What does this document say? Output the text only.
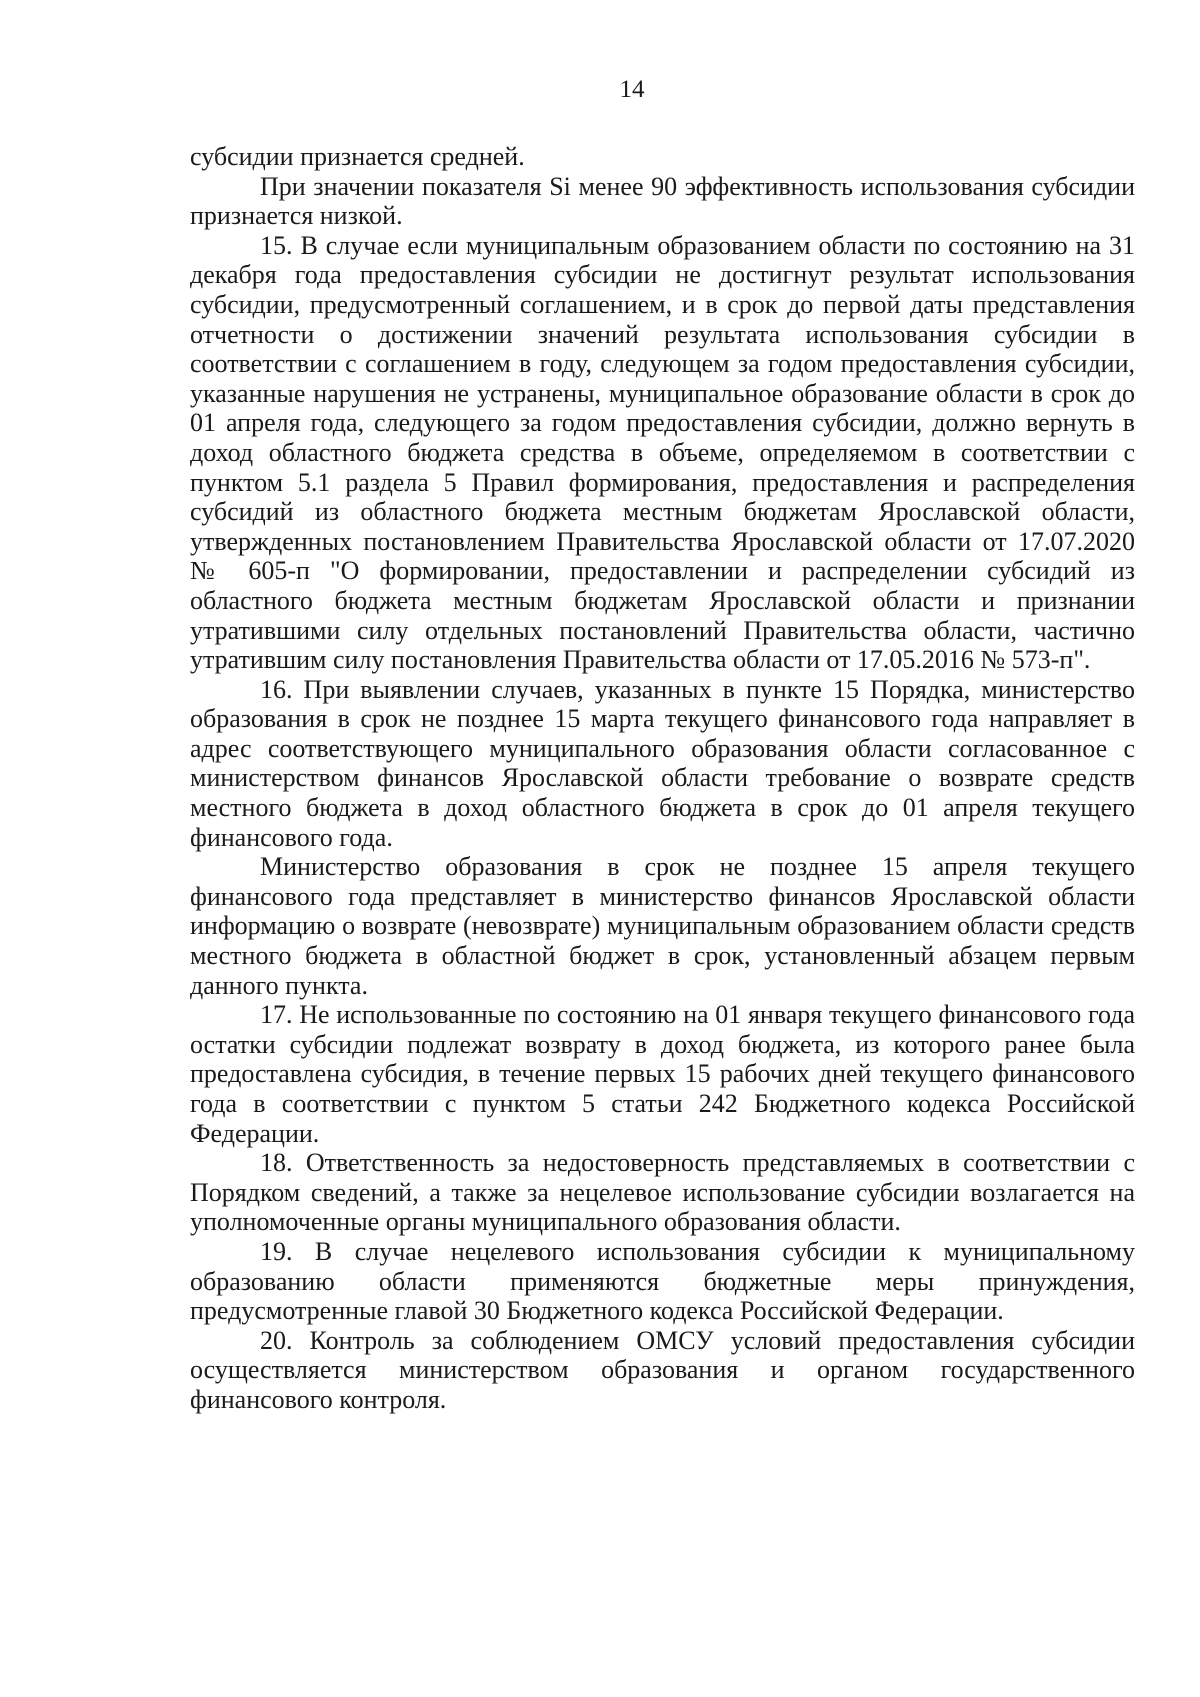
14

субсидии признается средней.

При значении показателя Si менее 90 эффективность использования субсидии признается низкой.

15. В случае если муниципальным образованием области по состоянию на 31 декабря года предоставления субсидии не достигнут результат использования субсидии, предусмотренный соглашением, и в срок до первой даты представления отчетности о достижении значений результата использования субсидии в соответствии с соглашением в году, следующем за годом предоставления субсидии, указанные нарушения не устранены, муниципальное образование области в срок до 01 апреля года, следующего за годом предоставления субсидии, должно вернуть в доход областного бюджета средства в объеме, определяемом в соответствии с пунктом 5.1 раздела 5 Правил формирования, предоставления и распределения субсидий из областного бюджета местным бюджетам Ярославской области, утвержденных постановлением Правительства Ярославской области от 17.07.2020 № 605-п "О формировании, предоставлении и распределении субсидий из областного бюджета местным бюджетам Ярославской области и признании утратившими силу отдельных постановлений Правительства области, частично утратившим силу постановления Правительства области от 17.05.2016 № 573-п".

16. При выявлении случаев, указанных в пункте 15 Порядка, министерство образования в срок не позднее 15 марта текущего финансового года направляет в адрес соответствующего муниципального образования области согласованное с министерством финансов Ярославской области требование о возврате средств местного бюджета в доход областного бюджета в срок до 01 апреля текущего финансового года.

Министерство образования в срок не позднее 15 апреля текущего финансового года представляет в министерство финансов Ярославской области информацию о возврате (невозврате) муниципальным образованием области средств местного бюджета в областной бюджет в срок, установленный абзацем первым данного пункта.

17. Не использованные по состоянию на 01 января текущего финансового года остатки субсидии подлежат возврату в доход бюджета, из которого ранее была предоставлена субсидия, в течение первых 15 рабочих дней текущего финансового года в соответствии с пунктом 5 статьи 242 Бюджетного кодекса Российской Федерации.

18. Ответственность за недостоверность представляемых в соответствии с Порядком сведений, а также за нецелевое использование субсидии возлагается на уполномоченные органы муниципального образования области.

19. В случае нецелевого использования субсидии к муниципальному образованию области применяются бюджетные меры принуждения, предусмотренные главой 30 Бюджетного кодекса Российской Федерации.

20. Контроль за соблюдением ОМСУ условий предоставления субсидии осуществляется министерством образования и органом государственного финансового контроля.
